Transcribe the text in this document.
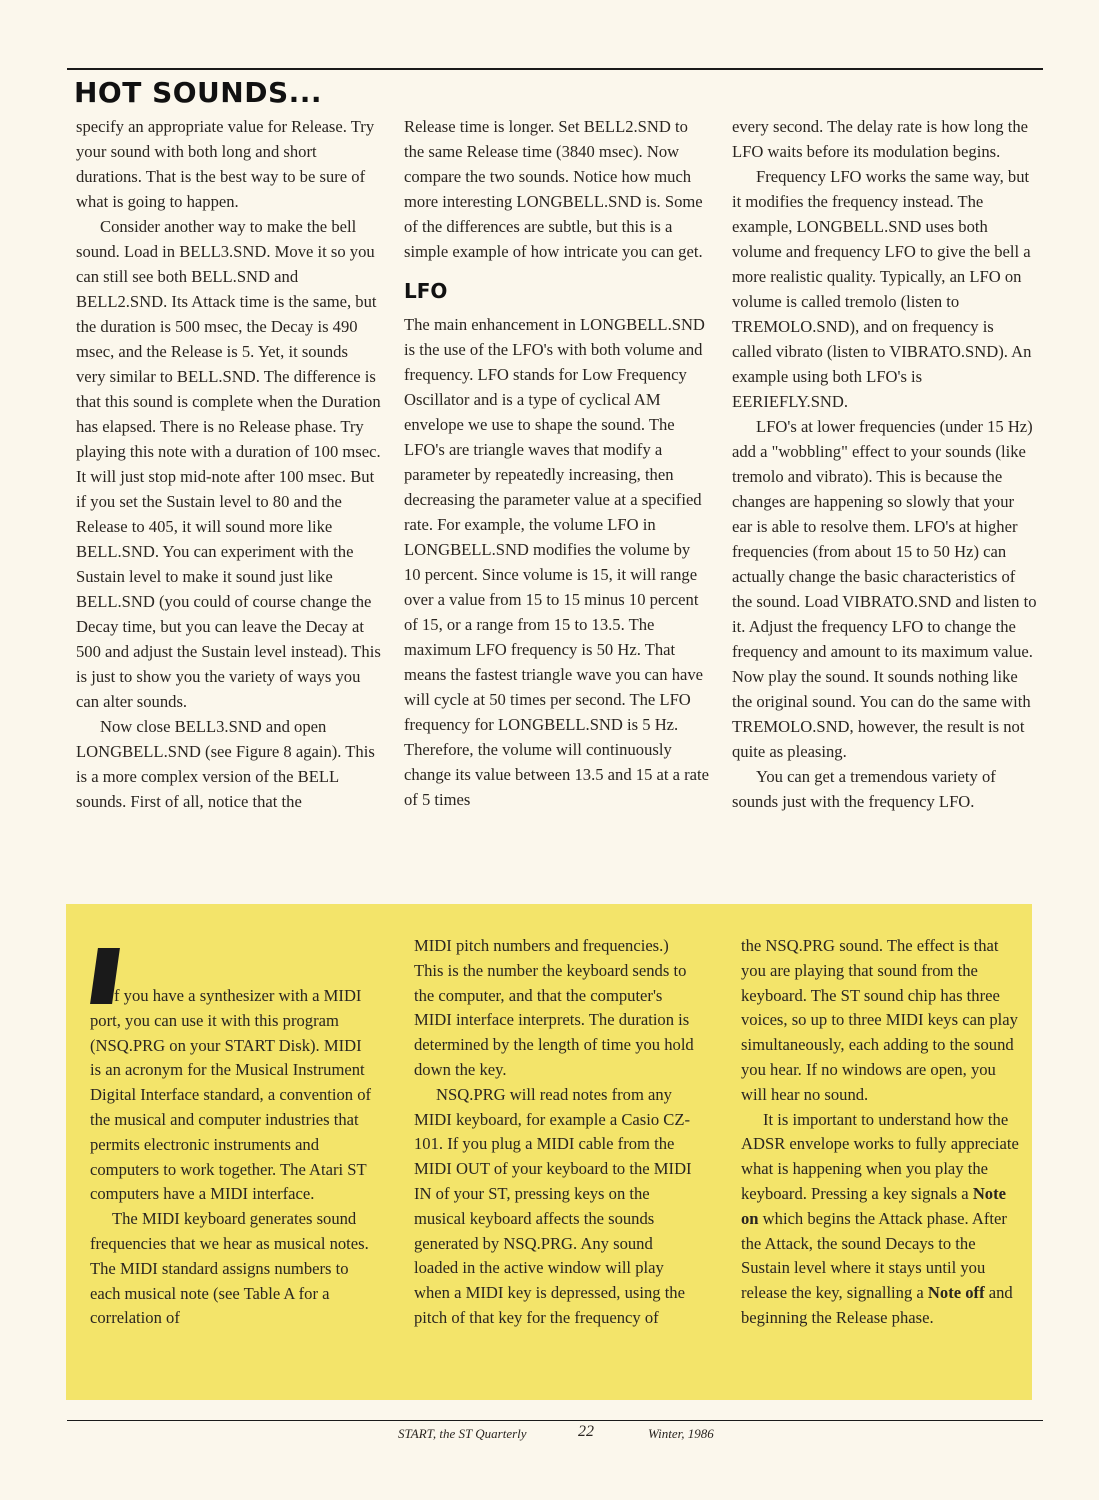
HOT SOUNDS...

specify an appropriate value for Release. Try your sound with both long and short durations. That is the best way to be sure of what is going to happen.

Consider another way to make the bell sound. Load in BELL3.SND. Move it so you can still see both BELL.SND and BELL2.SND. Its Attack time is the same, but the duration is 500 msec, the Decay is 490 msec, and the Release is 5. Yet, it sounds very similar to BELL.SND. The difference is that this sound is complete when the Duration has elapsed. There is no Release phase. Try playing this note with a duration of 100 msec. It will just stop mid-note after 100 msec. But if you set the Sustain level to 80 and the Release to 405, it will sound more like BELL.SND. You can experiment with the Sustain level to make it sound just like BELL.SND (you could of course change the Decay time, but you can leave the Decay at 500 and adjust the Sustain level instead). This is just to show you the variety of ways you can alter sounds.

Now close BELL3.SND and open LONGBELL.SND (see Figure 8 again). This is a more complex version of the BELL sounds. First of all, notice that the

Release time is longer. Set BELL2.SND to the same Release time (3840 msec). Now compare the two sounds. Notice how much more interesting LONGBELL.SND is. Some of the differences are subtle, but this is a simple example of how intricate you can get.

LFO

The main enhancement in LONGBELL.SND is the use of the LFO's with both volume and frequency. LFO stands for Low Frequency Oscillator and is a type of cyclical AM envelope we use to shape the sound. The LFO's are triangle waves that modify a parameter by repeatedly increasing, then decreasing the parameter value at a specified rate. For example, the volume LFO in LONGBELL.SND modifies the volume by 10 percent. Since volume is 15, it will range over a value from 15 to 15 minus 10 percent of 15, or a range from 15 to 13.5. The maximum LFO frequency is 50 Hz. That means the fastest triangle wave you can have will cycle at 50 times per second. The LFO frequency for LONGBELL.SND is 5 Hz. Therefore, the volume will continuously change its value between 13.5 and 15 at a rate of 5 times

every second. The delay rate is how long the LFO waits before its modulation begins.

Frequency LFO works the same way, but it modifies the frequency instead. The example, LONGBELL.SND uses both volume and frequency LFO to give the bell a more realistic quality. Typically, an LFO on volume is called tremolo (listen to TREMOLO.SND), and on frequency is called vibrato (listen to VIBRATO.SND). An example using both LFO's is EERIEFLY.SND.

LFO's at lower frequencies (under 15 Hz) add a "wobbling" effect to your sounds (like tremolo and vibrato). This is because the changes are happening so slowly that your ear is able to resolve them. LFO's at higher frequencies (from about 15 to 50 Hz) can actually change the basic characteristics of the sound. Load VIBRATO.SND and listen to it. Adjust the frequency LFO to change the frequency and amount to its maximum value. Now play the sound. It sounds nothing like the original sound. You can do the same with TREMOLO.SND, however, the result is not quite as pleasing.

You can get a tremendous variety of sounds just with the frequency LFO.

f you have a synthesizer with a MIDI port, you can use it with this program (NSQ.PRG on your START Disk). MIDI is an acronym for the Musical Instrument Digital Interface standard, a convention of the musical and computer industries that permits electronic instruments and computers to work together. The Atari ST computers have a MIDI interface.

The MIDI keyboard generates sound frequencies that we hear as musical notes. The MIDI standard assigns numbers to each musical note (see Table A for a correlation of

MIDI pitch numbers and frequencies.) This is the number the keyboard sends to the computer, and that the computer's MIDI interface interprets. The duration is determined by the length of time you hold down the key.

NSQ.PRG will read notes from any MIDI keyboard, for example a Casio CZ-101. If you plug a MIDI cable from the MIDI OUT of your keyboard to the MIDI IN of your ST, pressing keys on the musical keyboard affects the sounds generated by NSQ.PRG. Any sound loaded in the active window will play when a MIDI key is depressed, using the pitch of that key for the frequency of

the NSQ.PRG sound. The effect is that you are playing that sound from the keyboard. The ST sound chip has three voices, so up to three MIDI keys can play simultaneously, each adding to the sound you hear. If no windows are open, you will hear no sound.

It is important to understand how the ADSR envelope works to fully appreciate what is happening when you play the keyboard. Pressing a key signals a Note on which begins the Attack phase. After the Attack, the sound Decays to the Sustain level where it stays until you release the key, signalling a Note off and beginning the Release phase.

START, the ST Quarterly	22	Winter, 1986
